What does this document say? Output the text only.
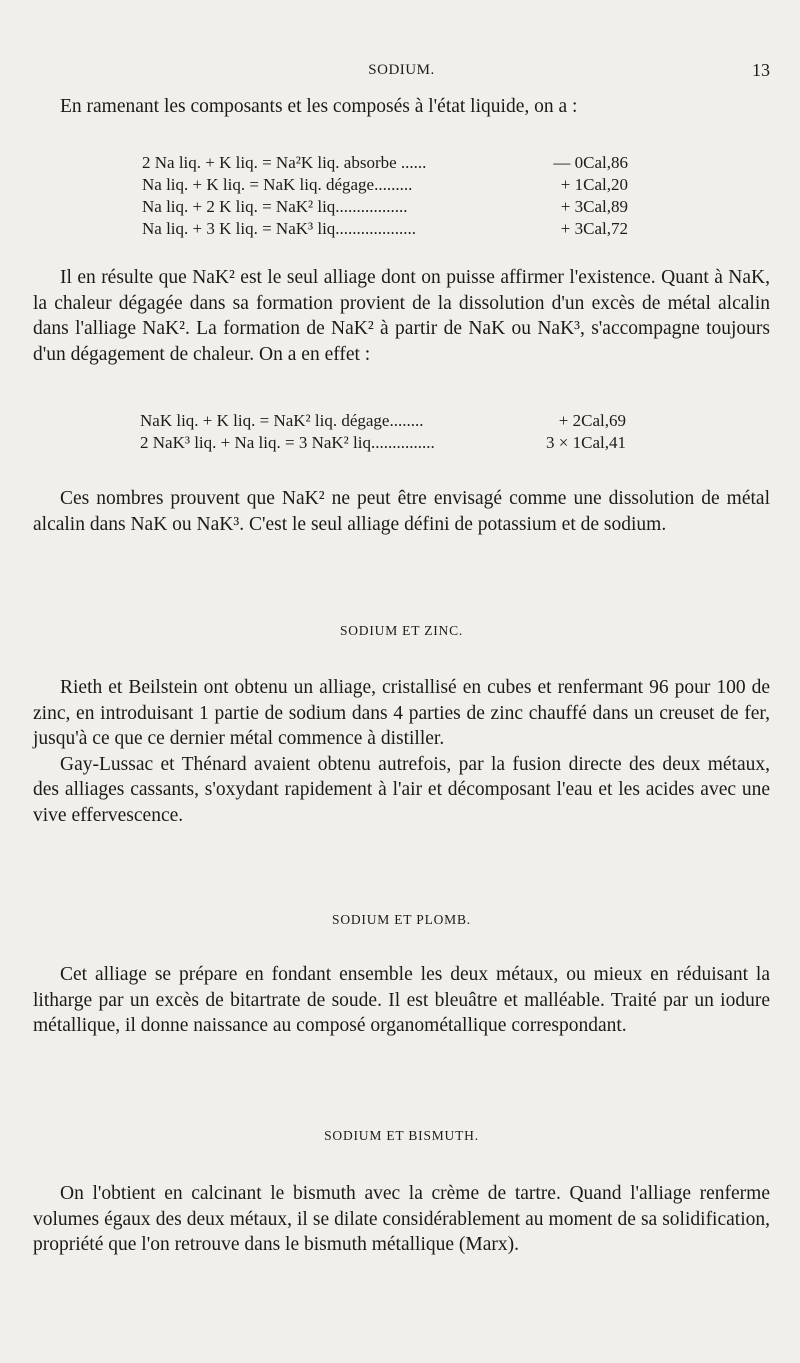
SODIUM.	13

En ramenant les composants et les composés à l'état liquide, on a :

2 Na liq. + K liq. = Na²K liq. absorbe ......	— 0Cal,86
Na liq. + K liq. = NaK liq. dégage.........	+ 1Cal,20
Na liq. + 2 K liq. = NaK² liq.................	+ 3Cal,89
Na liq. + 3 K liq. = NaK³ liq...................	+ 3Cal,72

Il en résulte que NaK² est le seul alliage dont on puisse affirmer l'existence. Quant à NaK, la chaleur dégagée dans sa formation provient de la dissolution d'un excès de métal alcalin dans l'alliage NaK². La formation de NaK² à partir de NaK ou NaK³, s'accompagne toujours d'un dégagement de chaleur. On a en effet :

NaK liq. + K liq. = NaK² liq. dégage........	+ 2Cal,69
2 NaK³ liq. + Na liq. = 3 NaK² liq...............	3 × 1Cal,41

Ces nombres prouvent que NaK² ne peut être envisagé comme une dissolution de métal alcalin dans NaK ou NaK³. C'est le seul alliage défini de potassium et de sodium.

SODIUM ET ZINC.

Rieth et Beilstein ont obtenu un alliage, cristallisé en cubes et renfermant 96 pour 100 de zinc, en introduisant 1 partie de sodium dans 4 parties de zinc chauffé dans un creuset de fer, jusqu'à ce que ce dernier métal commence à distiller.

Gay-Lussac et Thénard avaient obtenu autrefois, par la fusion directe des deux métaux, des alliages cassants, s'oxydant rapidement à l'air et décomposant l'eau et les acides avec une vive effervescence.

SODIUM ET PLOMB.

Cet alliage se prépare en fondant ensemble les deux métaux, ou mieux en réduisant la litharge par un excès de bitartrate de soude. Il est bleuâtre et malléable. Traité par un iodure métallique, il donne naissance au composé organométallique correspondant.

SODIUM ET BISMUTH.

On l'obtient en calcinant le bismuth avec la crème de tartre. Quand l'alliage renferme volumes égaux des deux métaux, il se dilate considérablement au moment de sa solidification, propriété que l'on retrouve dans le bismuth métallique (Marx).
